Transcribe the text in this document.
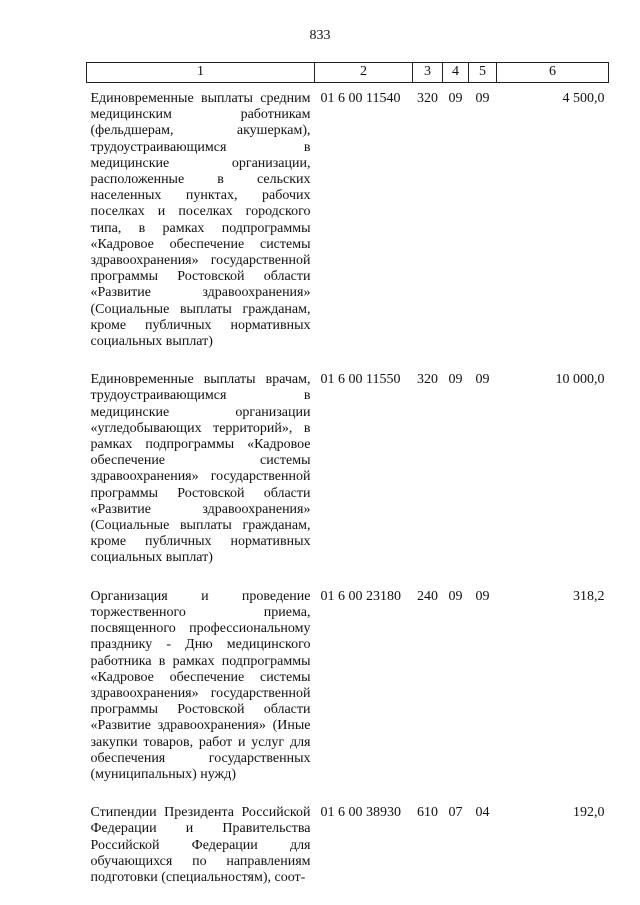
833
1	2	3	4	5	6
Единовременные выплаты средним медицинским работникам (фельдшерам, акушеркам), трудоустраивающимся в медицинские организации, расположенные в сельских населенных пунктах, рабочих поселках и поселках городского типа, в рамках подпрограммы «Кадровое обеспечение системы здравоохранения» государственной программы Ростовской области «Развитие здравоохранения» (Социальные выплаты гражданам, кроме публичных нормативных социальных выплат)	01 6 00 11540	320	09	09	4 500,0
Единовременные выплаты врачам, трудоустраивающимся в медицинские организации «угледобывающих территорий», в рамках подпрограммы «Кадровое обеспечение системы здравоохранения» государственной программы Ростовской области «Развитие здравоохранения» (Социальные выплаты гражданам, кроме публичных нормативных социальных выплат)	01 6 00 11550	320	09	09	10 000,0
Организация и проведение торжественного приема, посвященного профессиональному празднику - Дню медицинского работника в рамках подпрограммы «Кадровое обеспечение системы здравоохранения» государственной программы Ростовской области «Развитие здравоохранения» (Иные закупки товаров, работ и услуг для обеспечения государственных (муниципальных) нужд)	01 6 00 23180	240	09	09	318,2
Стипендии Президента Российской Федерации и Правительства Российской Федерации для обучающихся по направлениям подготовки (специальностям), соот-	01 6 00 38930	610	07	04	192,0
